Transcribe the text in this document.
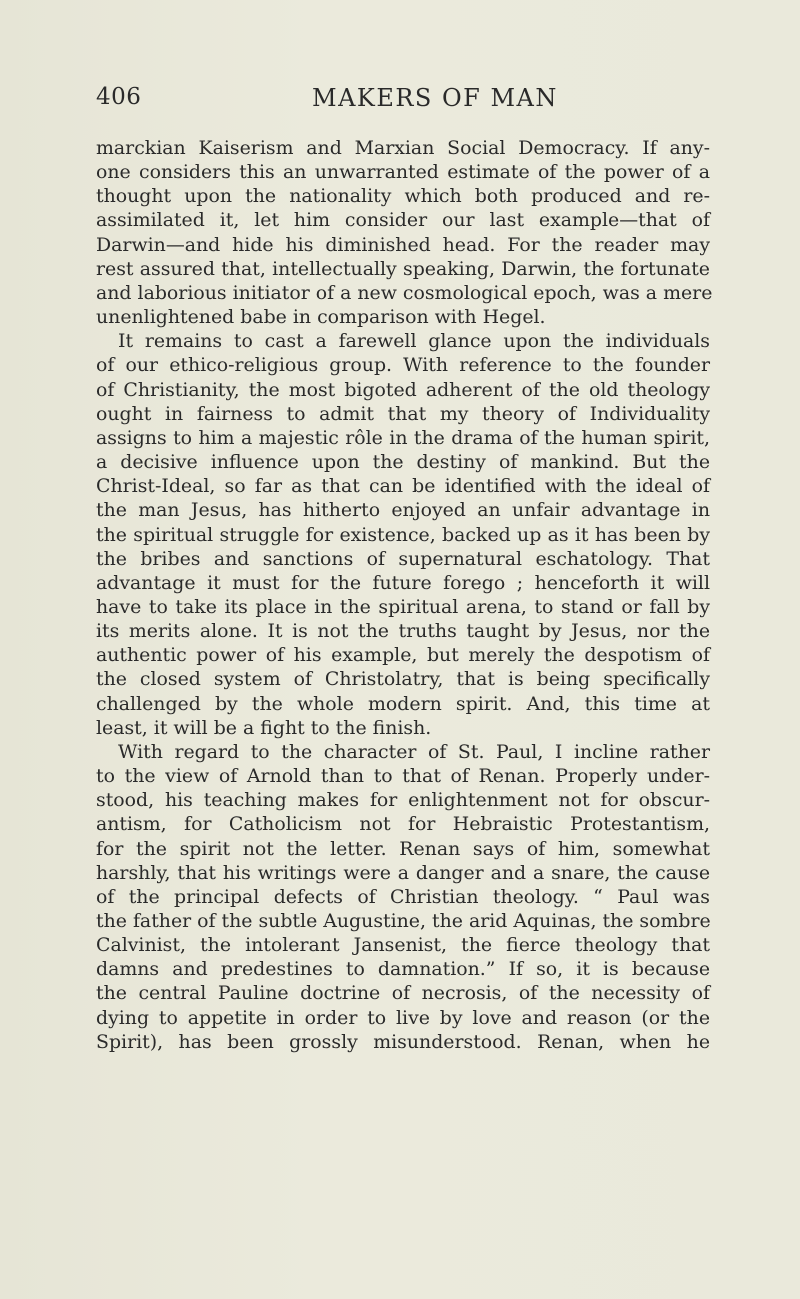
406	MAKERS OF MAN
marckian Kaiserism and Marxian Social Democracy. If any-
one considers this an unwarranted estimate of the power of a
thought upon the nationality which both produced and re-
assimilated it, let him consider our last example—that of
Darwin—and hide his diminished head. For the reader may
rest assured that, intellectually speaking, Darwin, the fortunate
and laborious initiator of a new cosmological epoch, was a mere
unenlightened babe in comparison with Hegel.
It remains to cast a farewell glance upon the individuals
of our ethico-religious group. With reference to the founder
of Christianity, the most bigoted adherent of the old theology
ought in fairness to admit that my theory of Individuality
assigns to him a majestic rôle in the drama of the human spirit,
a decisive influence upon the destiny of mankind. But the
Christ-Ideal, so far as that can be identified with the ideal of
the man Jesus, has hitherto enjoyed an unfair advantage in
the spiritual struggle for existence, backed up as it has been by
the bribes and sanctions of supernatural eschatology. That
advantage it must for the future forego ; henceforth it will
have to take its place in the spiritual arena, to stand or fall by
its merits alone. It is not the truths taught by Jesus, nor the
authentic power of his example, but merely the despotism of
the closed system of Christolatry, that is being specifically
challenged by the whole modern spirit. And, this time at
least, it will be a fight to the finish.
With regard to the character of St. Paul, I incline rather
to the view of Arnold than to that of Renan. Properly under-
stood, his teaching makes for enlightenment not for obscur-
antism, for Catholicism not for Hebraistic Protestantism,
for the spirit not the letter. Renan says of him, somewhat
harshly, that his writings were a danger and a snare, the cause
of the principal defects of Christian theology. “ Paul was
the father of the subtle Augustine, the arid Aquinas, the sombre
Calvinist, the intolerant Jansenist, the fierce theology that
damns and predestines to damnation.” If so, it is because
the central Pauline doctrine of necrosis, of the necessity of
dying to appetite in order to live by love and reason (or the
Spirit), has been grossly misunderstood. Renan, when he
